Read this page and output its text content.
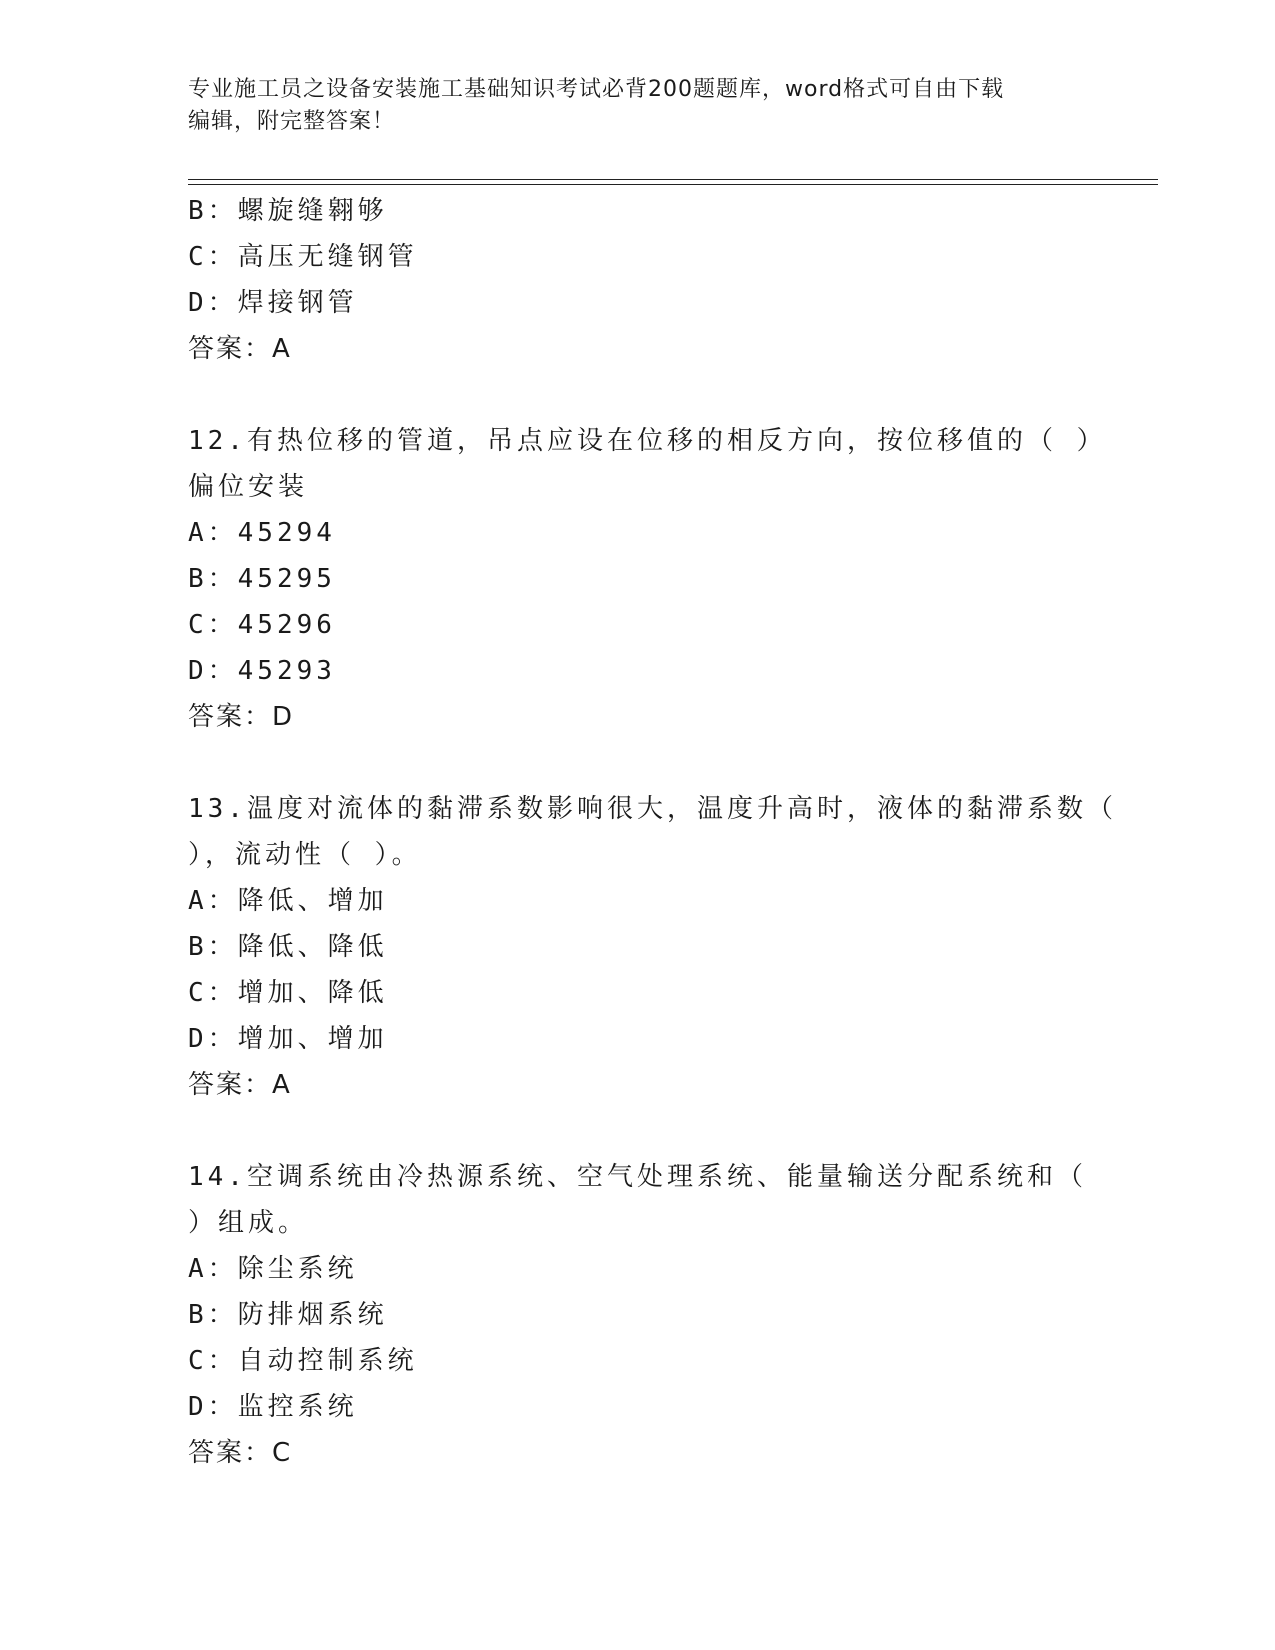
专业施工员之设备安装施工基础知识考试必背200题题库，word格式可自由下载
编辑，附完整答案！
B：螺旋缝翱够
C：高压无缝钢管
D：焊接钢管
答案：A
12.有热位移的管道，吊点应设在位移的相反方向，按位移值的（ ）
偏位安装
A：45294
B：45295
C：45296
D：45293
答案：D
13.温度对流体的黏滞系数影响很大，温度升高时，液体的黏滞系数（
），流动性（ ）。
A：降低、增加
B：降低、降低
C：增加、降低
D：增加、增加
答案：A
14.空调系统由冷热源系统、空气处理系统、能量输送分配系统和（
）组成。
A：除尘系统
B：防排烟系统
C：自动控制系统
D：监控系统
答案：C
